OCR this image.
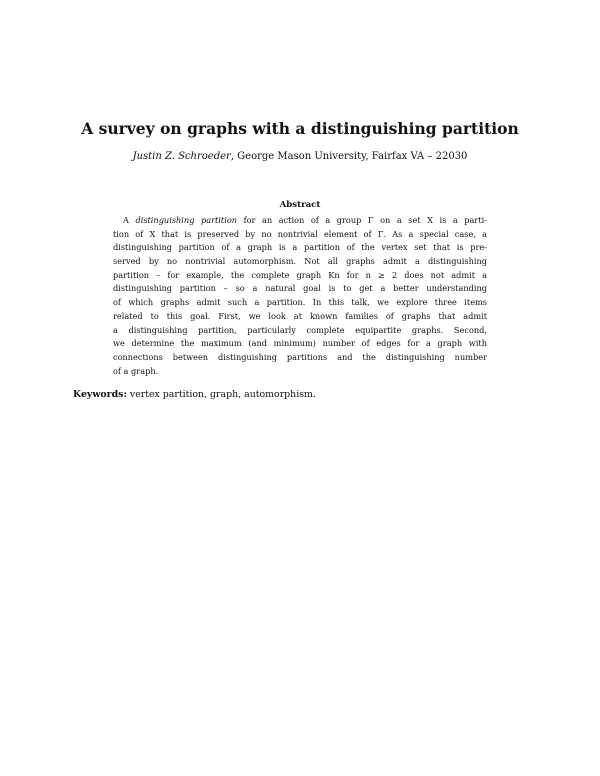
A survey on graphs with a distinguishing partition
Justin Z. Schroeder, George Mason University, Fairfax VA – 22030
Abstract
A distinguishing partition for an action of a group Γ on a set X is a parti-
tion of X that is preserved by no nontrivial element of Γ. As a special case, a
distinguishing partition of a graph is a partition of the vertex set that is pre-
served by no nontrivial automorphism. Not all graphs admit a distinguishing
partition – for example, the complete graph Kn for n ≥ 2 does not admit a
distinguishing partition – so a natural goal is to get a better understanding
of which graphs admit such a partition. In this talk, we explore three items
related to this goal. First, we look at known families of graphs that admit
a distinguishing partition, particularly complete equipartite graphs. Second,
we determine the maximum (and minimum) number of edges for a graph with
connections between distinguishing partitions and the distinguishing number
of a graph.
Keywords: vertex partition, graph, automorphism.
